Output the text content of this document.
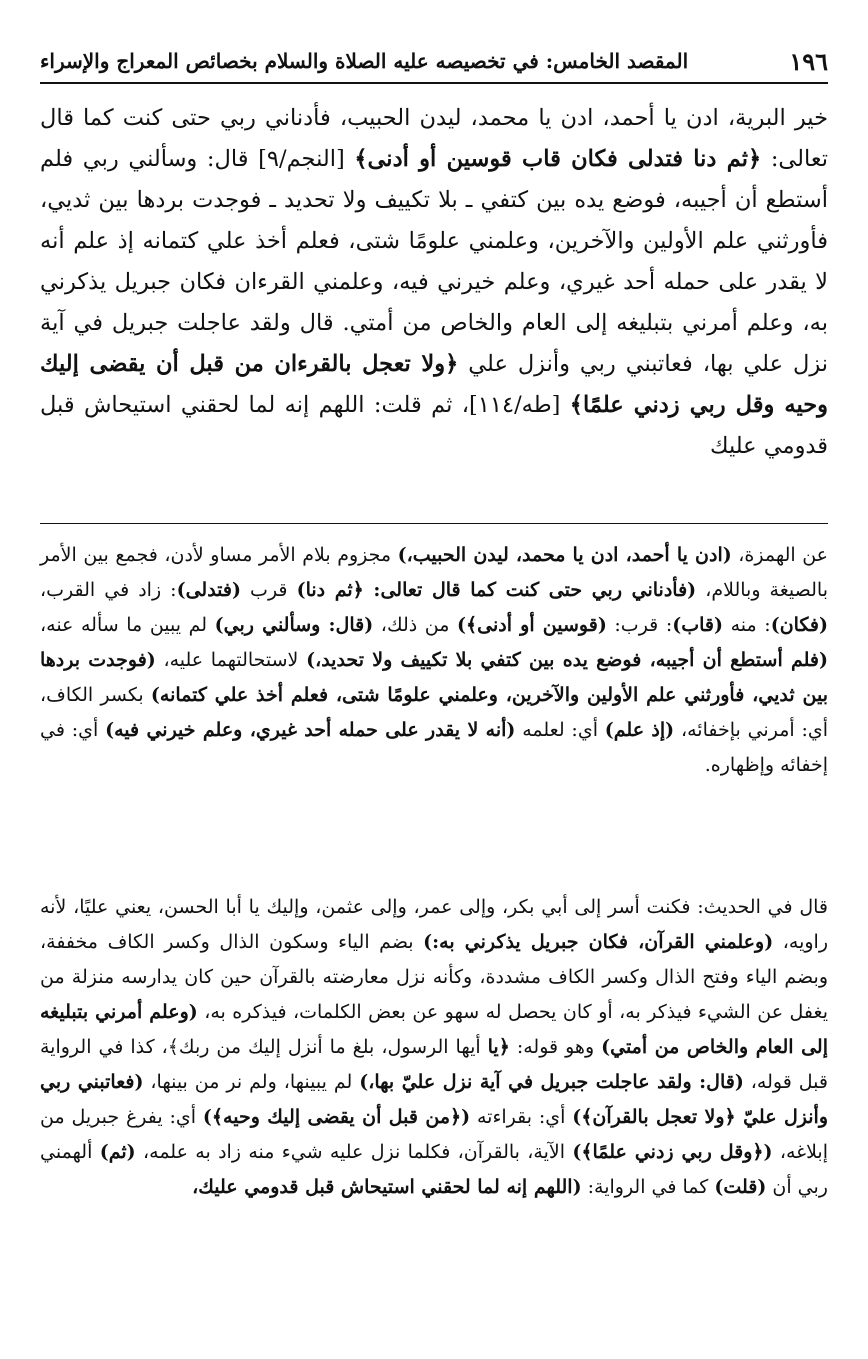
١٩٦
المقصد الخامس: في تخصيصه عليه الصلاة والسلام بخصائص المعراج والإسراء

خير البرية، ادن يا أحمد، ادن يا محمد، ليدن الحبيب، فأدناني ربي حتى كنت كما قال تعالى: ﴿ثم دنا فتدلى فكان قاب قوسين أو أدنى﴾ [النجم/٩] قال: وسألني ربي فلم أستطع أن أجيبه، فوضع يده بين كتفي ـ بلا تكييف ولا تحديد ـ فوجدت بردها بين ثديي، فأورثني علم الأولين والآخرين، وعلمني علومًا شتى، فعلم أخذ علي كتمانه إذ علم أنه لا يقدر على حمله أحد غيري، وعلم خيرني فيه، وعلمني القرءان فكان جبريل يذكرني به، وعلم أمرني بتبليغه إلى العام والخاص من أمتي. قال ولقد عاجلت جبريل في آية نزل علي بها، فعاتبني ربي وأنزل علي ﴿ولا تعجل بالقرءان من قبل أن يقضى إليك وحيه وقل ربي زدني علمًا﴾ [طه/١١٤]، ثم قلت: اللهم إنه لما لحقني استيحاش قبل قدومي عليك

عن الهمزة، (ادن يا أحمد، ادن يا محمد، ليدن الحبيب،) مجزوم بلام الأمر مساو لأدن، فجمع بين الأمر بالصيغة وباللام، (فأدناني ربي حتى كنت كما قال تعالى: ﴿ثم دنا) قرب (فتدلى): زاد في القرب، (فكان): منه (قاب): قرب: (قوسين أو أدنى﴾) من ذلك، (قال: وسألني ربي) لم يبين ما سأله عنه، (فلم أستطع أن أجيبه، فوضع يده بين كتفي بلا تكييف ولا تحديد،) لاستحالتهما عليه، (فوجدت بردها بين ثديي، فأورثني علم الأولين والآخرين، وعلمني علومًا شتى، فعلم أخذ علي كتمانه) بكسر الكاف، أي: أمرني بإخفائه، (إذ علم) أي: لعلمه (أنه لا يقدر على حمله أحد غيري، وعلم خيرني فيه) أي: في إخفائه وإظهاره.

قال في الحديث: فكنت أسر إلى أبي بكر، وإلى عمر، وإلى عثمن، وإليك يا أبا الحسن، يعني عليًا، لأنه راويه، (وعلمني القرآن، فكان جبريل يذكرني به:) بضم الياء وسكون الذال وكسر الكاف مخففة، وبضم الياء وفتح الذال وكسر الكاف مشددة، وكأنه نزل معارضته بالقرآن حين كان يدارسه منزلة من يغفل عن الشيء فيذكر به، أو كان يحصل له سهو عن بعض الكلمات، فيذكره به، (وعلم أمرني بتبليغه إلى العام والخاص من أمتي) وهو قوله: ﴿يا أيها الرسول، بلغ ما أنزل إليك من ربك﴾، كذا في الرواية قبل قوله، (قال: ولقد عاجلت جبريل في آية نزل عليّ بها،) لم يبينها، ولم نر من بينها، (فعاتبني ربي وأنزل عليّ ﴿ولا تعجل بالقرآن﴾) أي: بقراءته (﴿من قبل أن يقضى إليك وحيه﴾) أي: يفرغ جبريل من إبلاغه، (﴿وقل ربي زدني علمًا﴾) الآية، بالقرآن، فكلما نزل عليه شيء منه زاد به علمه، (ثم) ألهمني ربي أن (قلت) كما في الرواية: (اللهم إنه لما لحقني استيحاش قبل قدومي عليك،
